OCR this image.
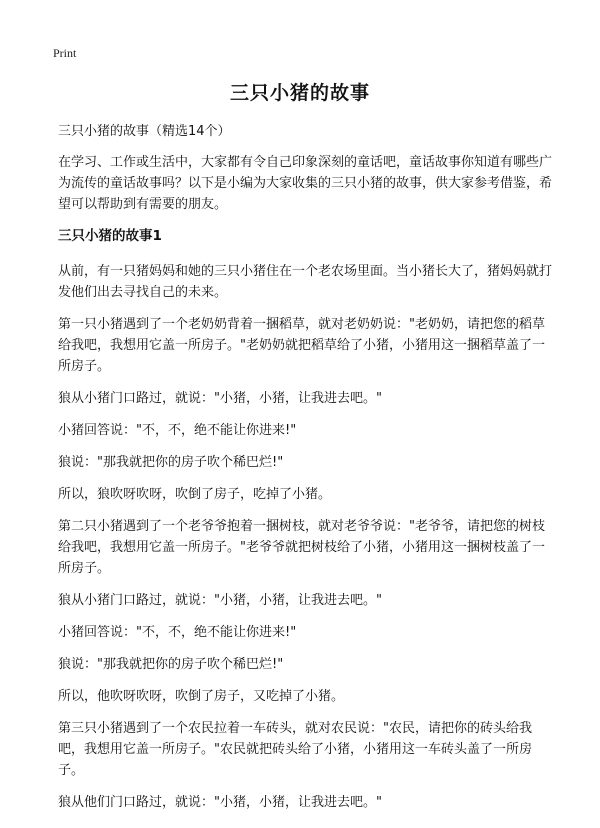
Print
三只小猪的故事

三只小猪的故事（精选14个）

在学习、工作或生活中，大家都有令自己印象深刻的童话吧，童话故事你知道有哪些广为流传的童话故事吗？以下是小编为大家收集的三只小猪的故事，供大家参考借鉴，希望可以帮助到有需要的朋友。

三只小猪的故事1

从前，有一只猪妈妈和她的三只小猪住在一个老农场里面。当小猪长大了，猪妈妈就打发他们出去寻找自己的未来。

第一只小猪遇到了一个老奶奶背着一捆稻草，就对老奶奶说："老奶奶，请把您的稻草给我吧，我想用它盖一所房子。"老奶奶就把稻草给了小猪，小猪用这一捆稻草盖了一所房子。

狼从小猪门口路过，就说："小猪，小猪，让我进去吧。"

小猪回答说："不，不，绝不能让你进来!"

狼说："那我就把你的房子吹个稀巴烂!"

所以，狼吹呀吹呀，吹倒了房子，吃掉了小猪。

第二只小猪遇到了一个老爷爷抱着一捆树枝，就对老爷爷说："老爷爷，请把您的树枝给我吧，我想用它盖一所房子。"老爷爷就把树枝给了小猪，小猪用这一捆树枝盖了一所房子。

狼从小猪门口路过，就说："小猪，小猪，让我进去吧。"

小猪回答说："不，不，绝不能让你进来!"

狼说："那我就把你的房子吹个稀巴烂!"

所以，他吹呀吹呀，吹倒了房子，又吃掉了小猪。

第三只小猪遇到了一个农民拉着一车砖头，就对农民说："农民，请把你的砖头给我吧，我想用它盖一所房子。"农民就把砖头给了小猪，小猪用这一车砖头盖了一所房子。

狼从他们门口路过，就说："小猪，小猪，让我进去吧。"
